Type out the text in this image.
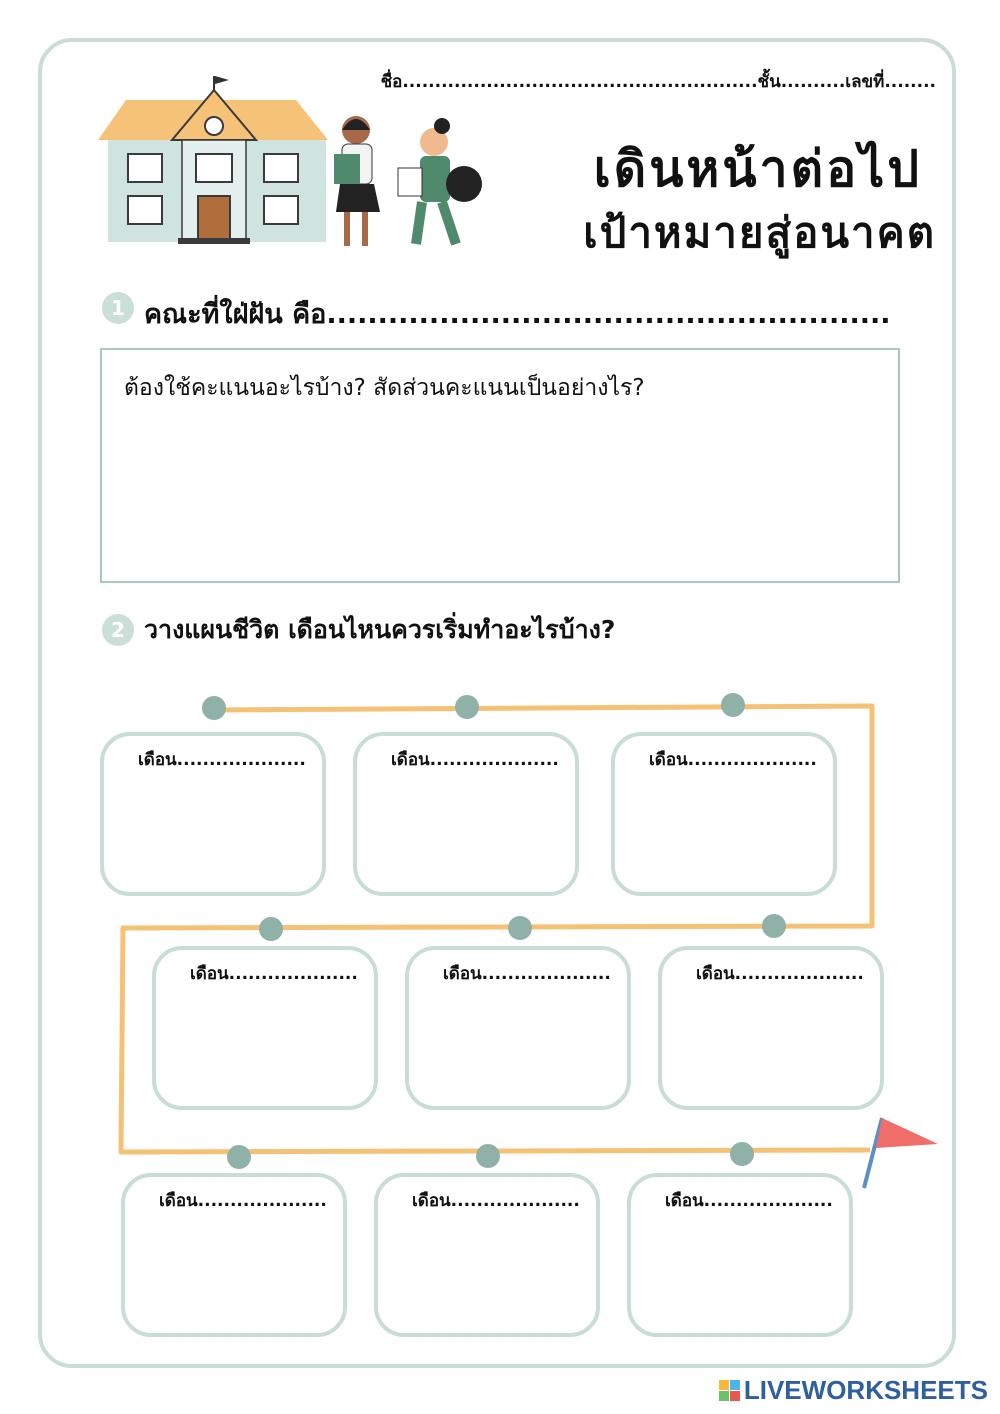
ชื่อ.......................................................ชั้น..........เลขที่........
เดินหน้าต่อไป
เป้าหมายสู่อนาคต
1 คณะที่ใฝ่ฝัน คือ.......................................................
ต้องใช้คะแนนอะไรบ้าง? สัดส่วนคะแนนเป็นอย่างไร?
2 วางแผนชีวิต เดือนไหนควรเริ่มทำอะไรบ้าง?
เดือน....................	เดือน....................	เดือน....................
เดือน....................	เดือน....................	เดือน....................
เดือน....................	เดือน....................	เดือน....................
LIVEWORKSHEETS
